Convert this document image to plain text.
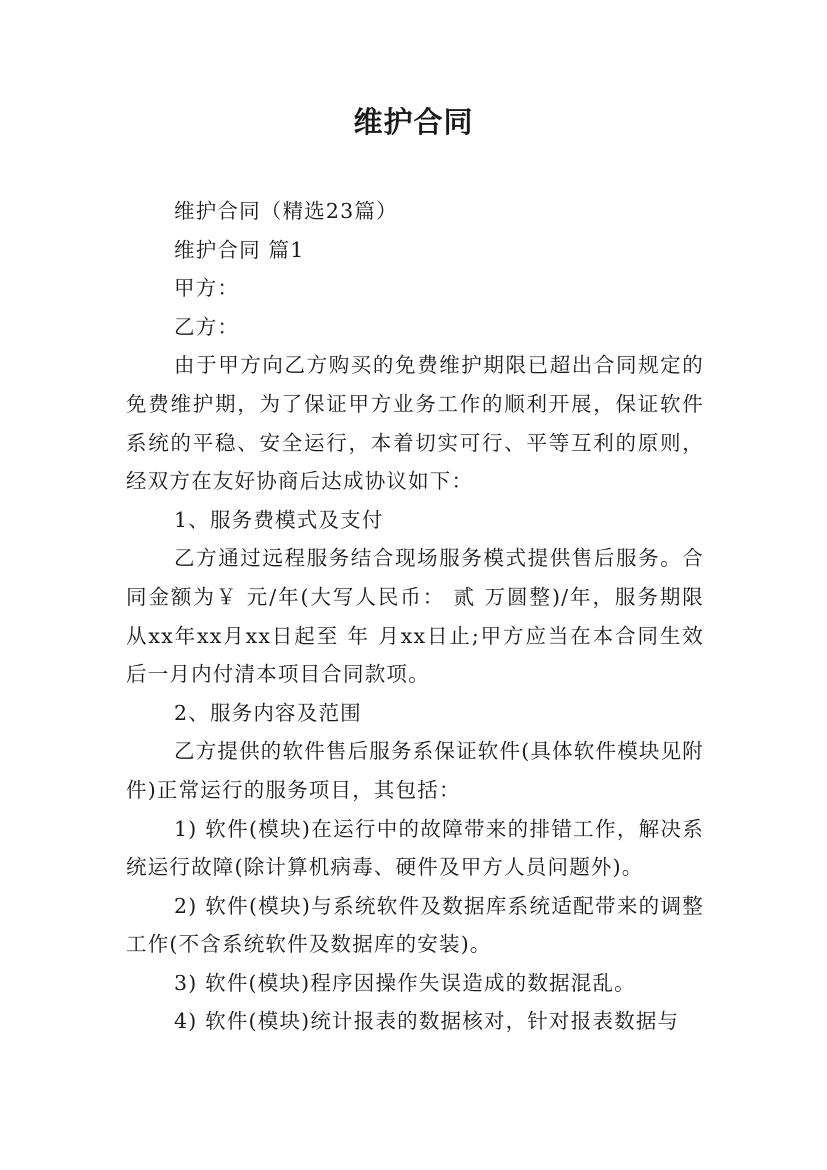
维护合同

维护合同（精选23篇）

维护合同 篇1

甲方：

乙方：

由于甲方向乙方购买的免费维护期限已超出合同规定的免费维护期，为了保证甲方业务工作的顺利开展，保证软件系统的平稳、安全运行，本着切实可行、平等互利的原则，经双方在友好协商后达成协议如下：

1、服务费模式及支付

乙方通过远程服务结合现场服务模式提供售后服务。合同金额为￥ 元/年(大写人民币： 贰 万圆整)/年，服务期限从xx年xx月xx日起至 年 月xx日止;甲方应当在本合同生效后一月内付清本项目合同款项。

2、服务内容及范围

乙方提供的软件售后服务系保证软件(具体软件模块见附件)正常运行的服务项目，其包括：

1) 软件(模块)在运行中的故障带来的排错工作，解决系统运行故障(除计算机病毒、硬件及甲方人员问题外)。

2) 软件(模块)与系统软件及数据库系统适配带来的调整工作(不含系统软件及数据库的安装)。

3) 软件(模块)程序因操作失误造成的数据混乱。

4) 软件(模块)统计报表的数据核对，针对报表数据与
